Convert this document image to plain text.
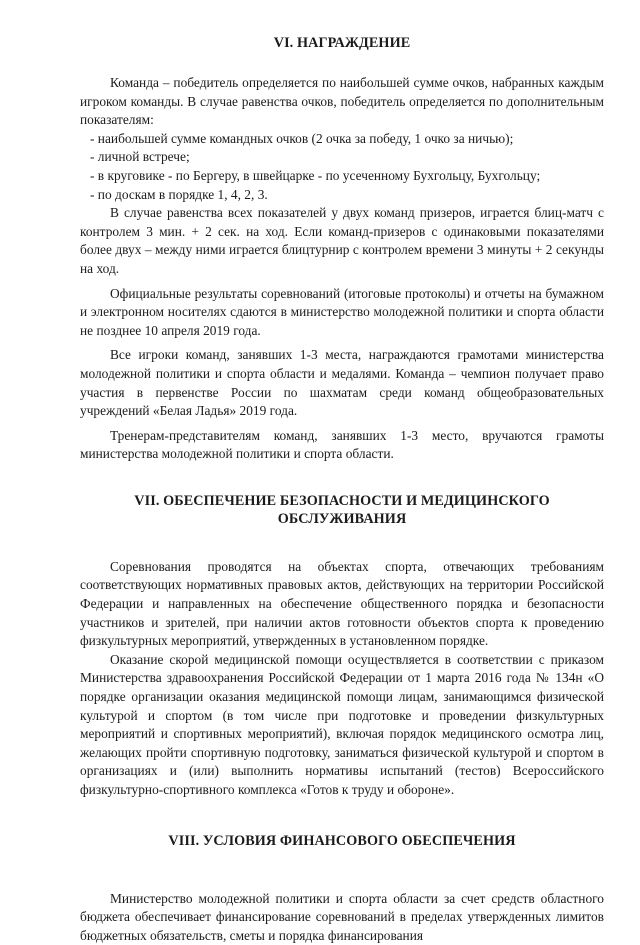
VI. НАГРАЖДЕНИЕ

Команда – победитель определяется по наибольшей сумме очков, набранных каждым игроком команды. В случае равенства очков, победитель определяется по дополнительным показателям:

- наибольшей сумме командных очков (2 очка за победу, 1 очко за ничью);

- личной встрече;

- в круговике - по Бергеру, в швейцарке - по усеченному Бухгольцу, Бухгольцу;

- по доскам в порядке 1, 4, 2, 3.

В случае равенства всех показателей у двух команд призеров, играется блиц-матч с контролем 3 мин. + 2 сек. на ход. Если команд-призеров с одинаковыми показателями более двух – между ними играется блицтурнир с контролем времени 3 минуты + 2 секунды на ход.

Официальные результаты соревнований (итоговые протоколы) и отчеты на бумажном и электронном носителях сдаются в министерство молодежной политики и спорта области не позднее 10 апреля 2019 года.

Все игроки команд, занявших 1-3 места, награждаются грамотами министерства молодежной политики и спорта области и медалями. Команда – чемпион получает право участия в первенстве России по шахматам среди команд общеобразовательных учреждений «Белая Ладья» 2019 года.

Тренерам-представителям команд, занявших 1-3 место, вручаются грамоты министерства молодежной политики и спорта области.

VII. ОБЕСПЕЧЕНИЕ БЕЗОПАСНОСТИ И МЕДИЦИНСКОГО
ОБСЛУЖИВАНИЯ

Соревнования проводятся на объектах спорта, отвечающих требованиям соответствующих нормативных правовых актов, действующих на территории Российской Федерации и направленных на обеспечение общественного порядка и безопасности участников и зрителей, при наличии актов готовности объектов спорта к проведению физкультурных мероприятий, утвержденных в установленном порядке.

Оказание скорой медицинской помощи осуществляется в соответствии с приказом Министерства здравоохранения Российской Федерации от 1 марта 2016 года № 134н «О порядке организации оказания медицинской помощи лицам, занимающимся физической культурой и спортом (в том числе при подготовке и проведении физкультурных мероприятий и спортивных мероприятий), включая порядок медицинского осмотра лиц, желающих пройти спортивную подготовку, заниматься физической культурой и спортом в организациях и (или) выполнить нормативы испытаний (тестов) Всероссийского физкультурно-спортивного комплекса «Готов к труду и обороне».

VIII. УСЛОВИЯ ФИНАНСОВОГО ОБЕСПЕЧЕНИЯ

Министерство молодежной политики и спорта области за счет средств областного бюджета обеспечивает финансирование соревнований в пределах утвержденных лимитов бюджетных обязательств, сметы и порядка финансирования
